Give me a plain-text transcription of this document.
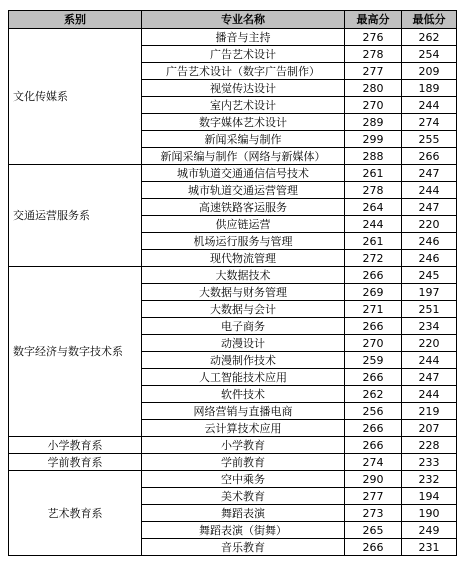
系别	专业名称	最高分	最低分
文化传媒系	播音与主持	276	262
	广告艺术设计	278	254
	广告艺术设计（数字广告制作）	277	209
	视觉传达设计	280	189
	室内艺术设计	270	244
	数字媒体艺术设计	289	274
	新闻采编与制作	299	255
	新闻采编与制作（网络与新媒体）	288	266
交通运营服务系	城市轨道交通通信信号技术	261	247
	城市轨道交通运营管理	278	244
	高速铁路客运服务	264	247
	供应链运营	244	220
	机场运行服务与管理	261	246
	现代物流管理	272	246
数字经济与数字技术系	大数据技术	266	245
	大数据与财务管理	269	197
	大数据与会计	271	251
	电子商务	266	234
	动漫设计	270	220
	动漫制作技术	259	244
	人工智能技术应用	266	247
	软件技术	262	244
	网络营销与直播电商	256	219
	云计算技术应用	266	207
小学教育系	小学教育	266	228
学前教育系	学前教育	274	233
艺术教育系	空中乘务	290	232
	美术教育	277	194
	舞蹈表演	273	190
	舞蹈表演（街舞）	265	249
	音乐教育	266	231
